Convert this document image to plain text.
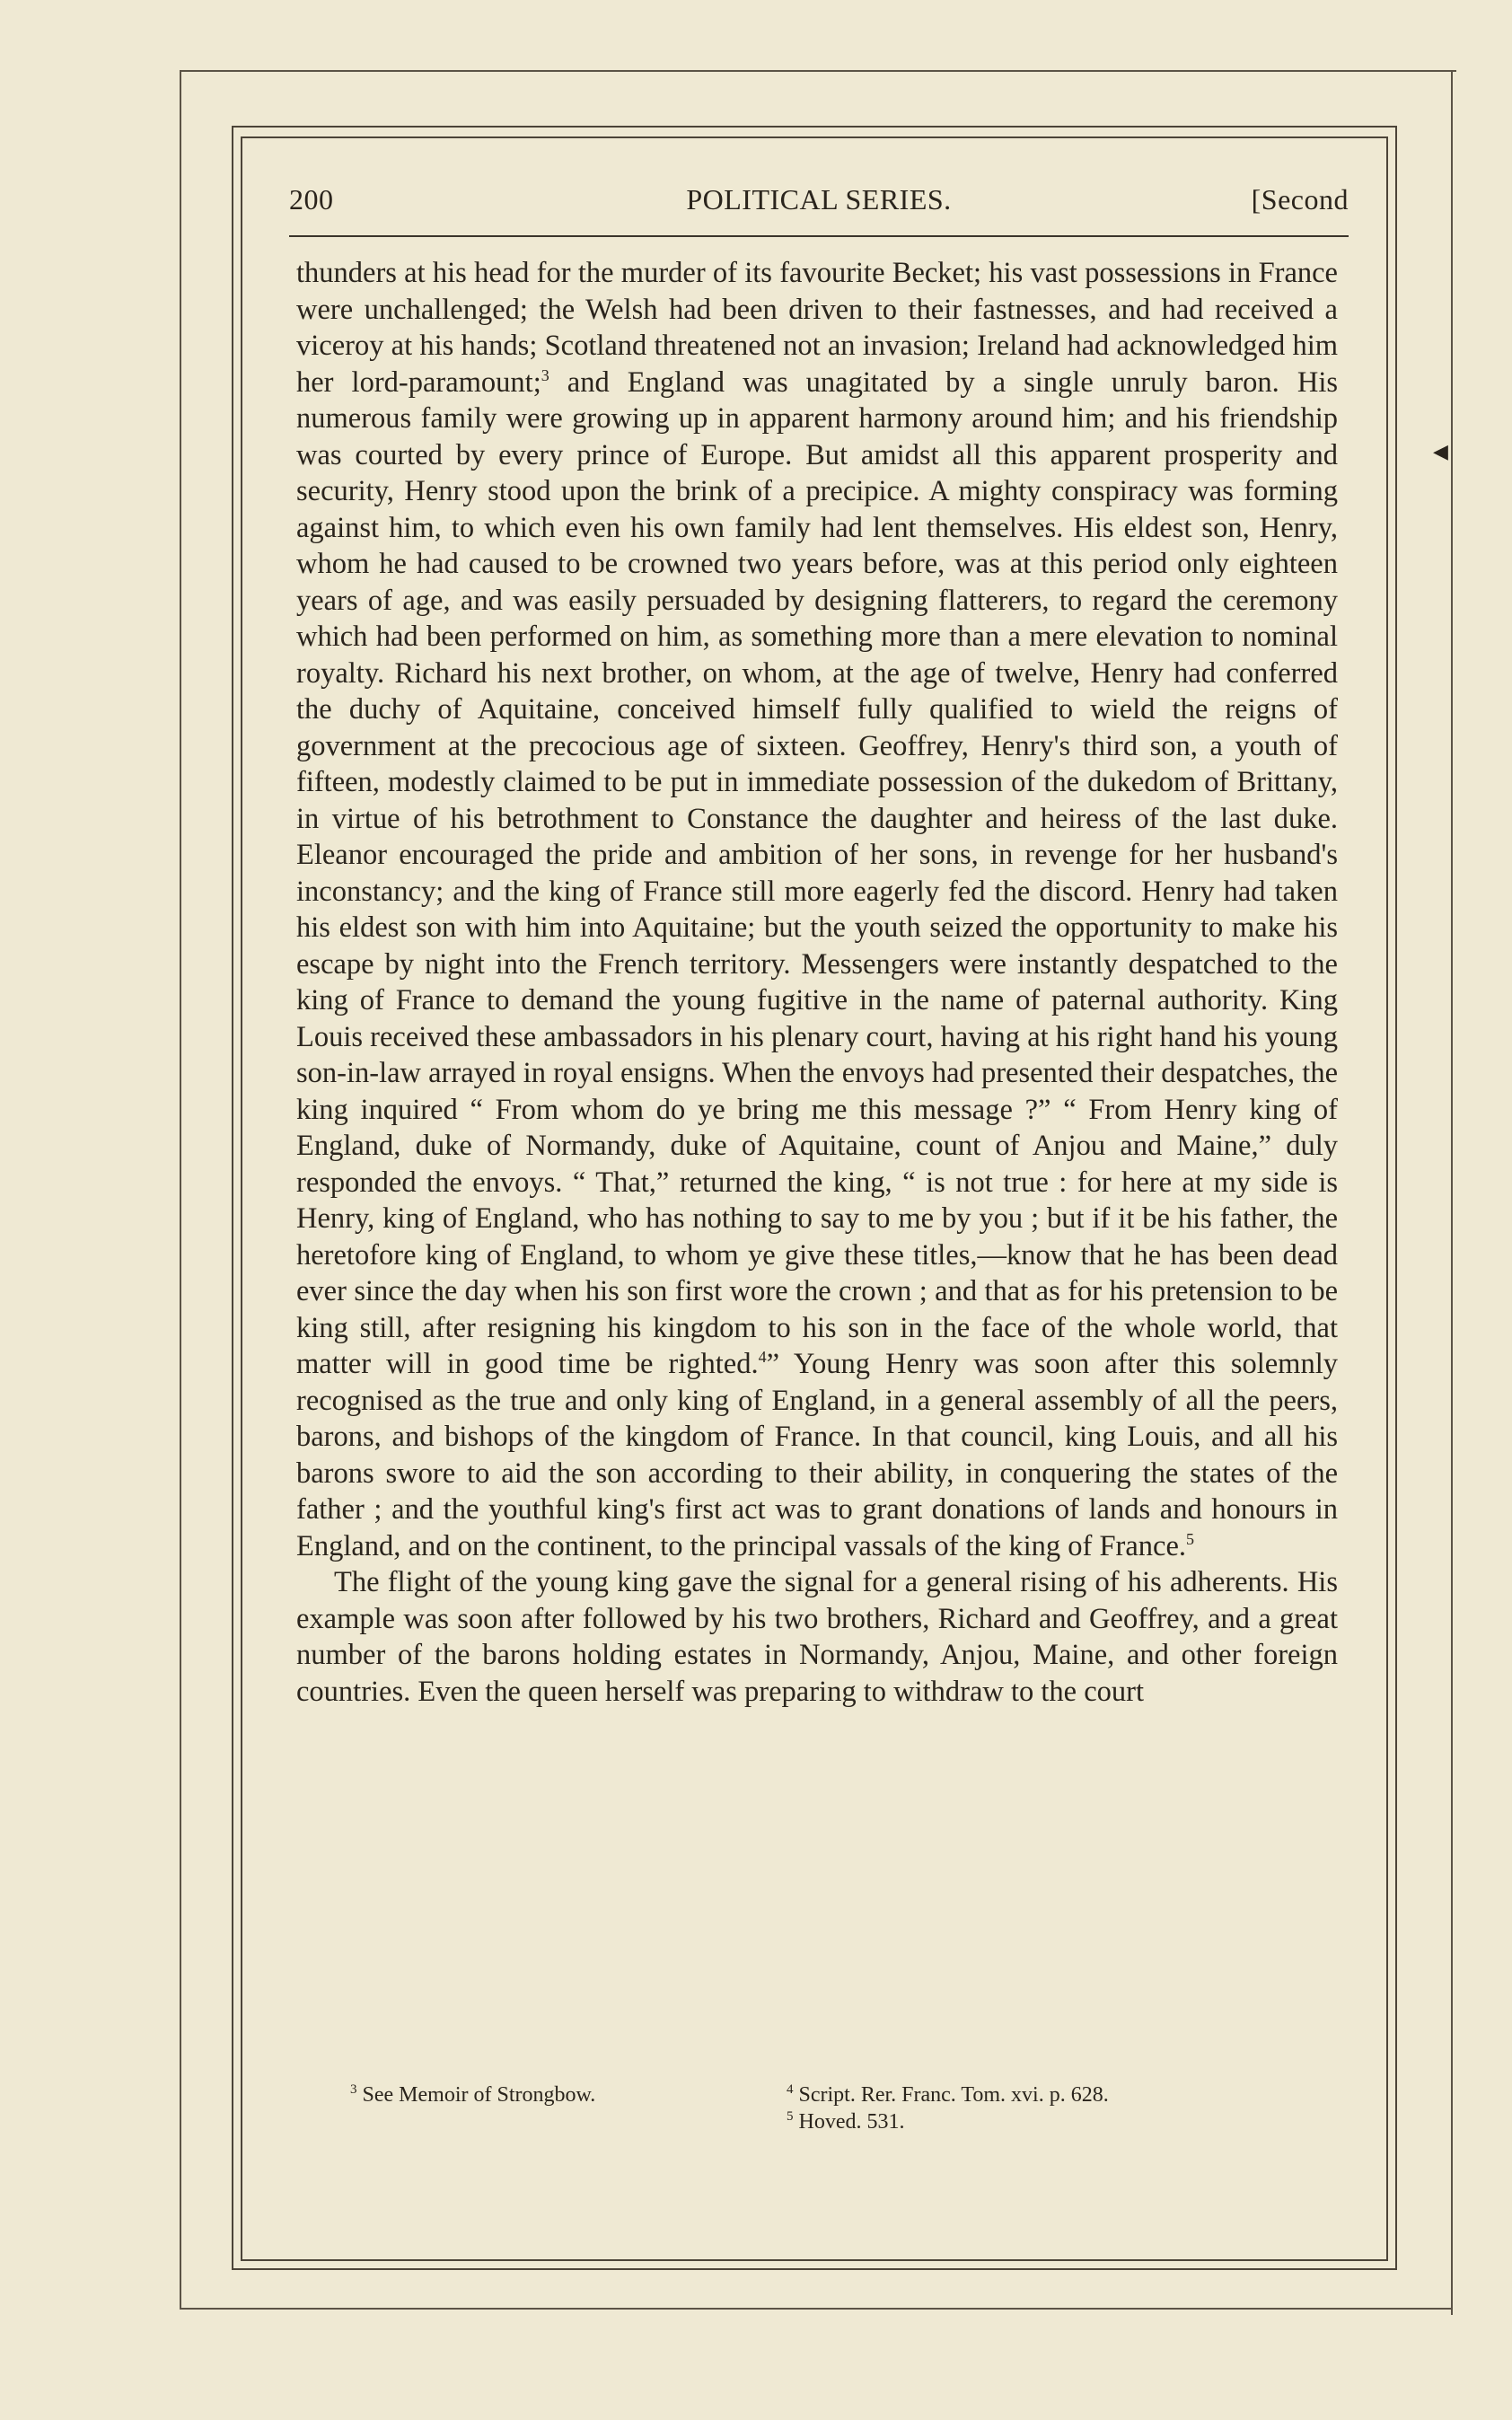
◀
200	POLITICAL SERIES.	[Second

thunders at his head for the murder of its favourite Becket; his vast possessions in France were unchallenged; the Welsh had been driven to their fastnesses, and had received a viceroy at his hands; Scotland threatened not an invasion; Ireland had acknowledged him her lord-paramount;$^3$ and England was unagitated by a single unruly baron. His numerous family were growing up in apparent harmony around him; and his friendship was courted by every prince of Europe. But amidst all this apparent prosperity and security, Henry stood upon the brink of a precipice. A mighty conspiracy was forming against him, to which even his own family had lent themselves. His eldest son, Henry, whom he had caused to be crowned two years before, was at this period only eighteen years of age, and was easily persuaded by designing flatterers, to regard the ceremony which had been performed on him, as something more than a mere elevation to nominal royalty. Richard his next brother, on whom, at the age of twelve, Henry had conferred the duchy of Aquitaine, conceived himself fully qualified to wield the reigns of government at the precocious age of sixteen. Geoffrey, Henry's third son, a youth of fifteen, modestly claimed to be put in immediate possession of the dukedom of Brittany, in virtue of his betrothment to Constance the daughter and heiress of the last duke. Eleanor encouraged the pride and ambition of her sons, in revenge for her husband's inconstancy; and the king of France still more eagerly fed the discord. Henry had taken his eldest son with him into Aquitaine; but the youth seized the opportunity to make his escape by night into the French territory. Messengers were instantly despatched to the king of France to demand the young fugitive in the name of paternal authority. King Louis received these ambassadors in his plenary court, having at his right hand his young son-in-law arrayed in royal ensigns. When the envoys had presented their despatches, the king inquired “ From whom do ye bring me this message ?” “ From Henry king of England, duke of Normandy, duke of Aquitaine, count of Anjou and Maine,” duly responded the envoys. “ That,” returned the king, “ is not true : for here at my side is Henry, king of England, who has nothing to say to me by you ; but if it be his father, the heretofore king of England, to whom ye give these titles,—know that he has been dead ever since the day when his son first wore the crown ; and that as for his pretension to be king still, after resigning his kingdom to his son in the face of the whole world, that matter will in good time be righted.$^4$” Young Henry was soon after this solemnly recognised as the true and only king of England, in a general assembly of all the peers, barons, and bishops of the kingdom of France. In that council, king Louis, and all his barons swore to aid the son according to their ability, in conquering the states of the father ; and the youthful king's first act was to grant donations of lands and honours in England, and on the continent, to the principal vassals of the king of France.$^5$

The flight of the young king gave the signal for a general rising of his adherents. His example was soon after followed by his two brothers, Richard and Geoffrey, and a great number of the barons holding estates in Normandy, Anjou, Maine, and other foreign countries. Even the queen herself was preparing to withdraw to the court

$^3$ See Memoir of Strongbow.	$^4$ Script. Rer. Franc. Tom. xvi. p. 628.
$^5$ Hoved. 531.
